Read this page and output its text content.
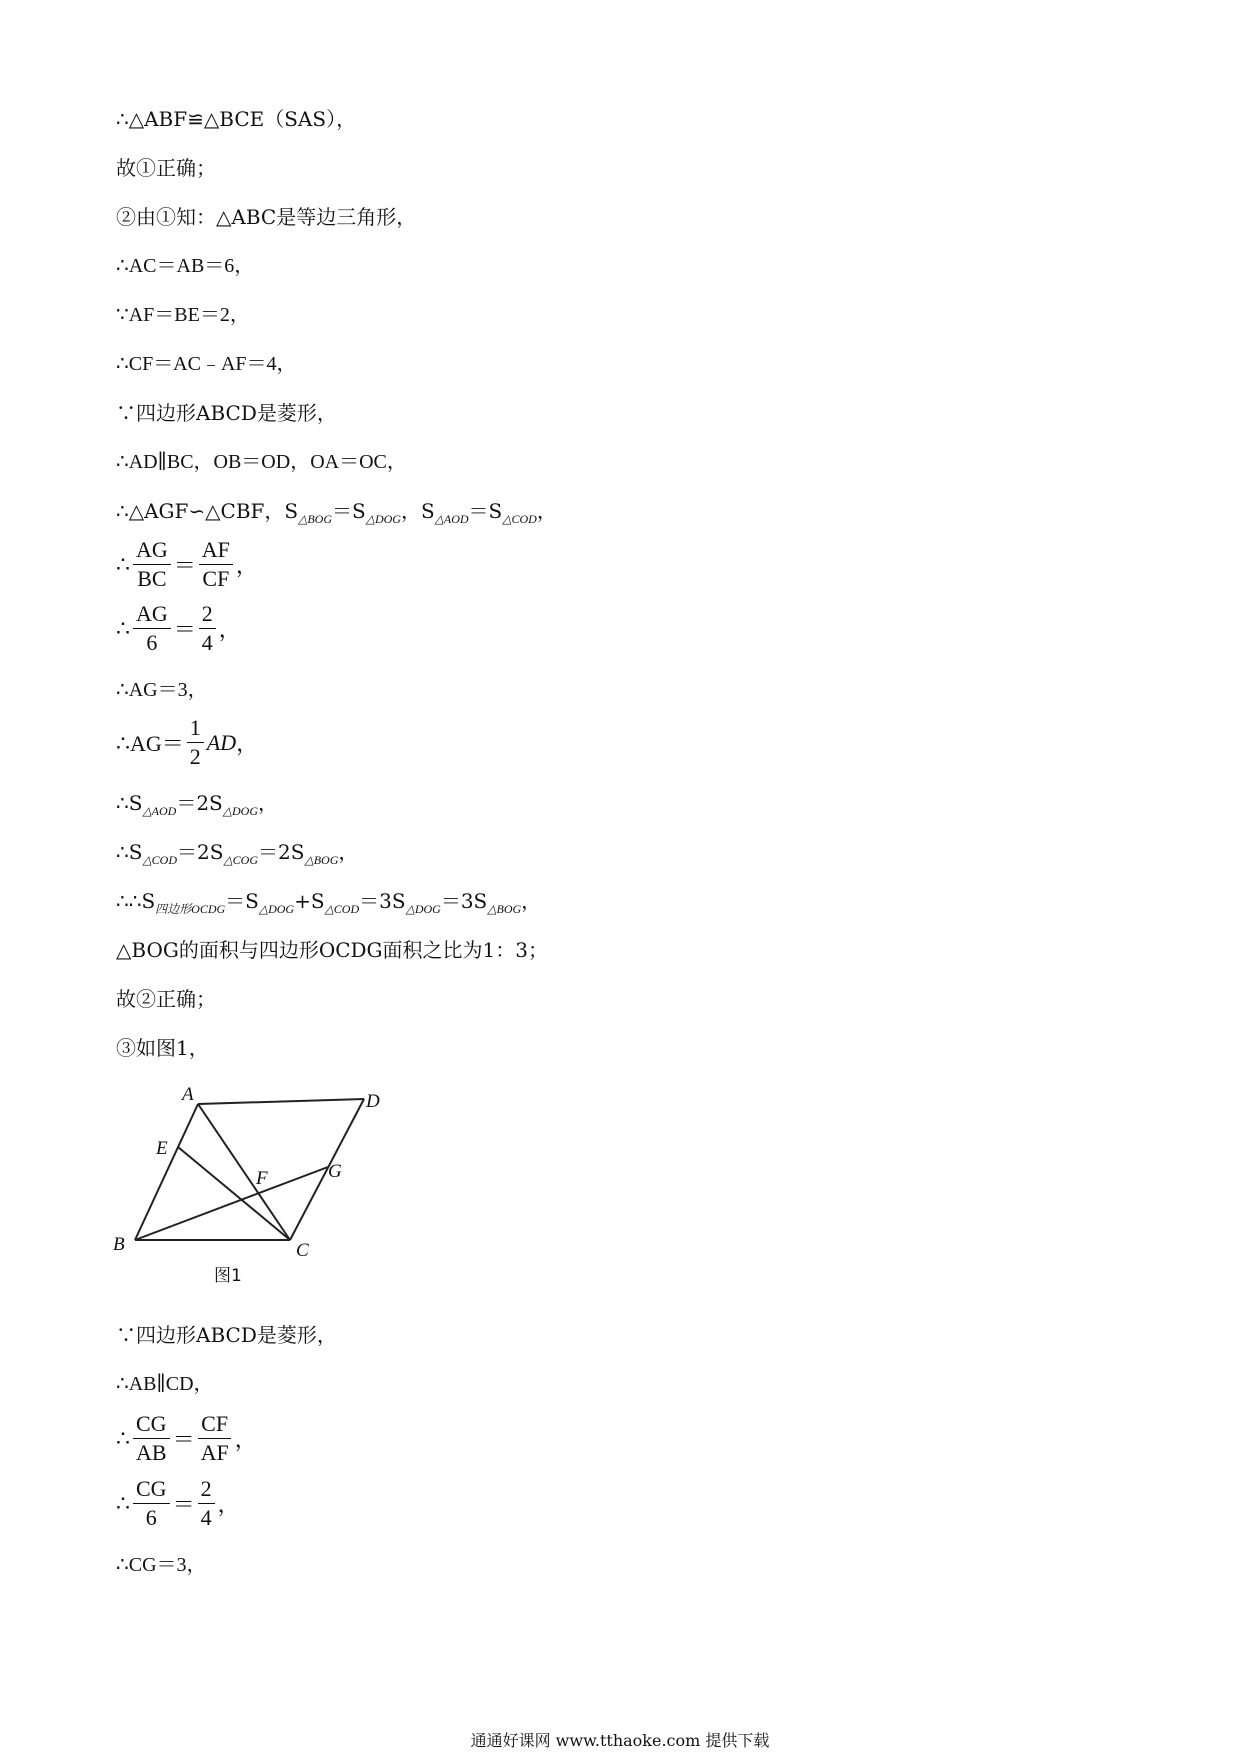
∴△ABF≌△BCE（SAS），
故①正确；
②由①知：△ABC是等边三角形，
∴AC＝AB＝6，
∵AF＝BE＝2，
∴CF＝AC﹣AF＝4，
∵四边形ABCD是菱形，
∴AD∥BC，OB＝OD，OA＝OC，
∴△AGF∽△CBF，$S_{\triangle BOG}=S_{\triangle DOG}$，$S_{\triangle AOD}=S_{\triangle COD}$，
∴ $\frac{AG}{BC} = \frac{AF}{CF}$ ，
∴ $\frac{AG}{6} = \frac{2}{4}$ ，
∴AG＝3，
∴AG＝ $\frac{1}{2}$ AD ，
$\therefore S_{\triangle AOD}=2S_{\triangle DOG}$，
$\therefore S_{\triangle COD}=2S_{\triangle COG}=2S_{\triangle BOG}$，
$\therefore\therefore S_{四边形OCDG}=S_{\triangle DOG}+S_{\triangle COD}=3S_{\triangle DOG}=3S_{\triangle BOG}$，
△BOG的面积与四边形OCDG面积之比为1：3；
故②正确；
③如图1，
A	D
E
F	G
B	C
图1
∵四边形ABCD是菱形，
∴AB∥CD，
∴ $\frac{CG}{AB} = \frac{CF}{AF}$ ，
∴ $\frac{CG}{6} = \frac{2}{4}$ ，
∴CG＝3，
通通好课网 www.tthaoke.com 提供下载
